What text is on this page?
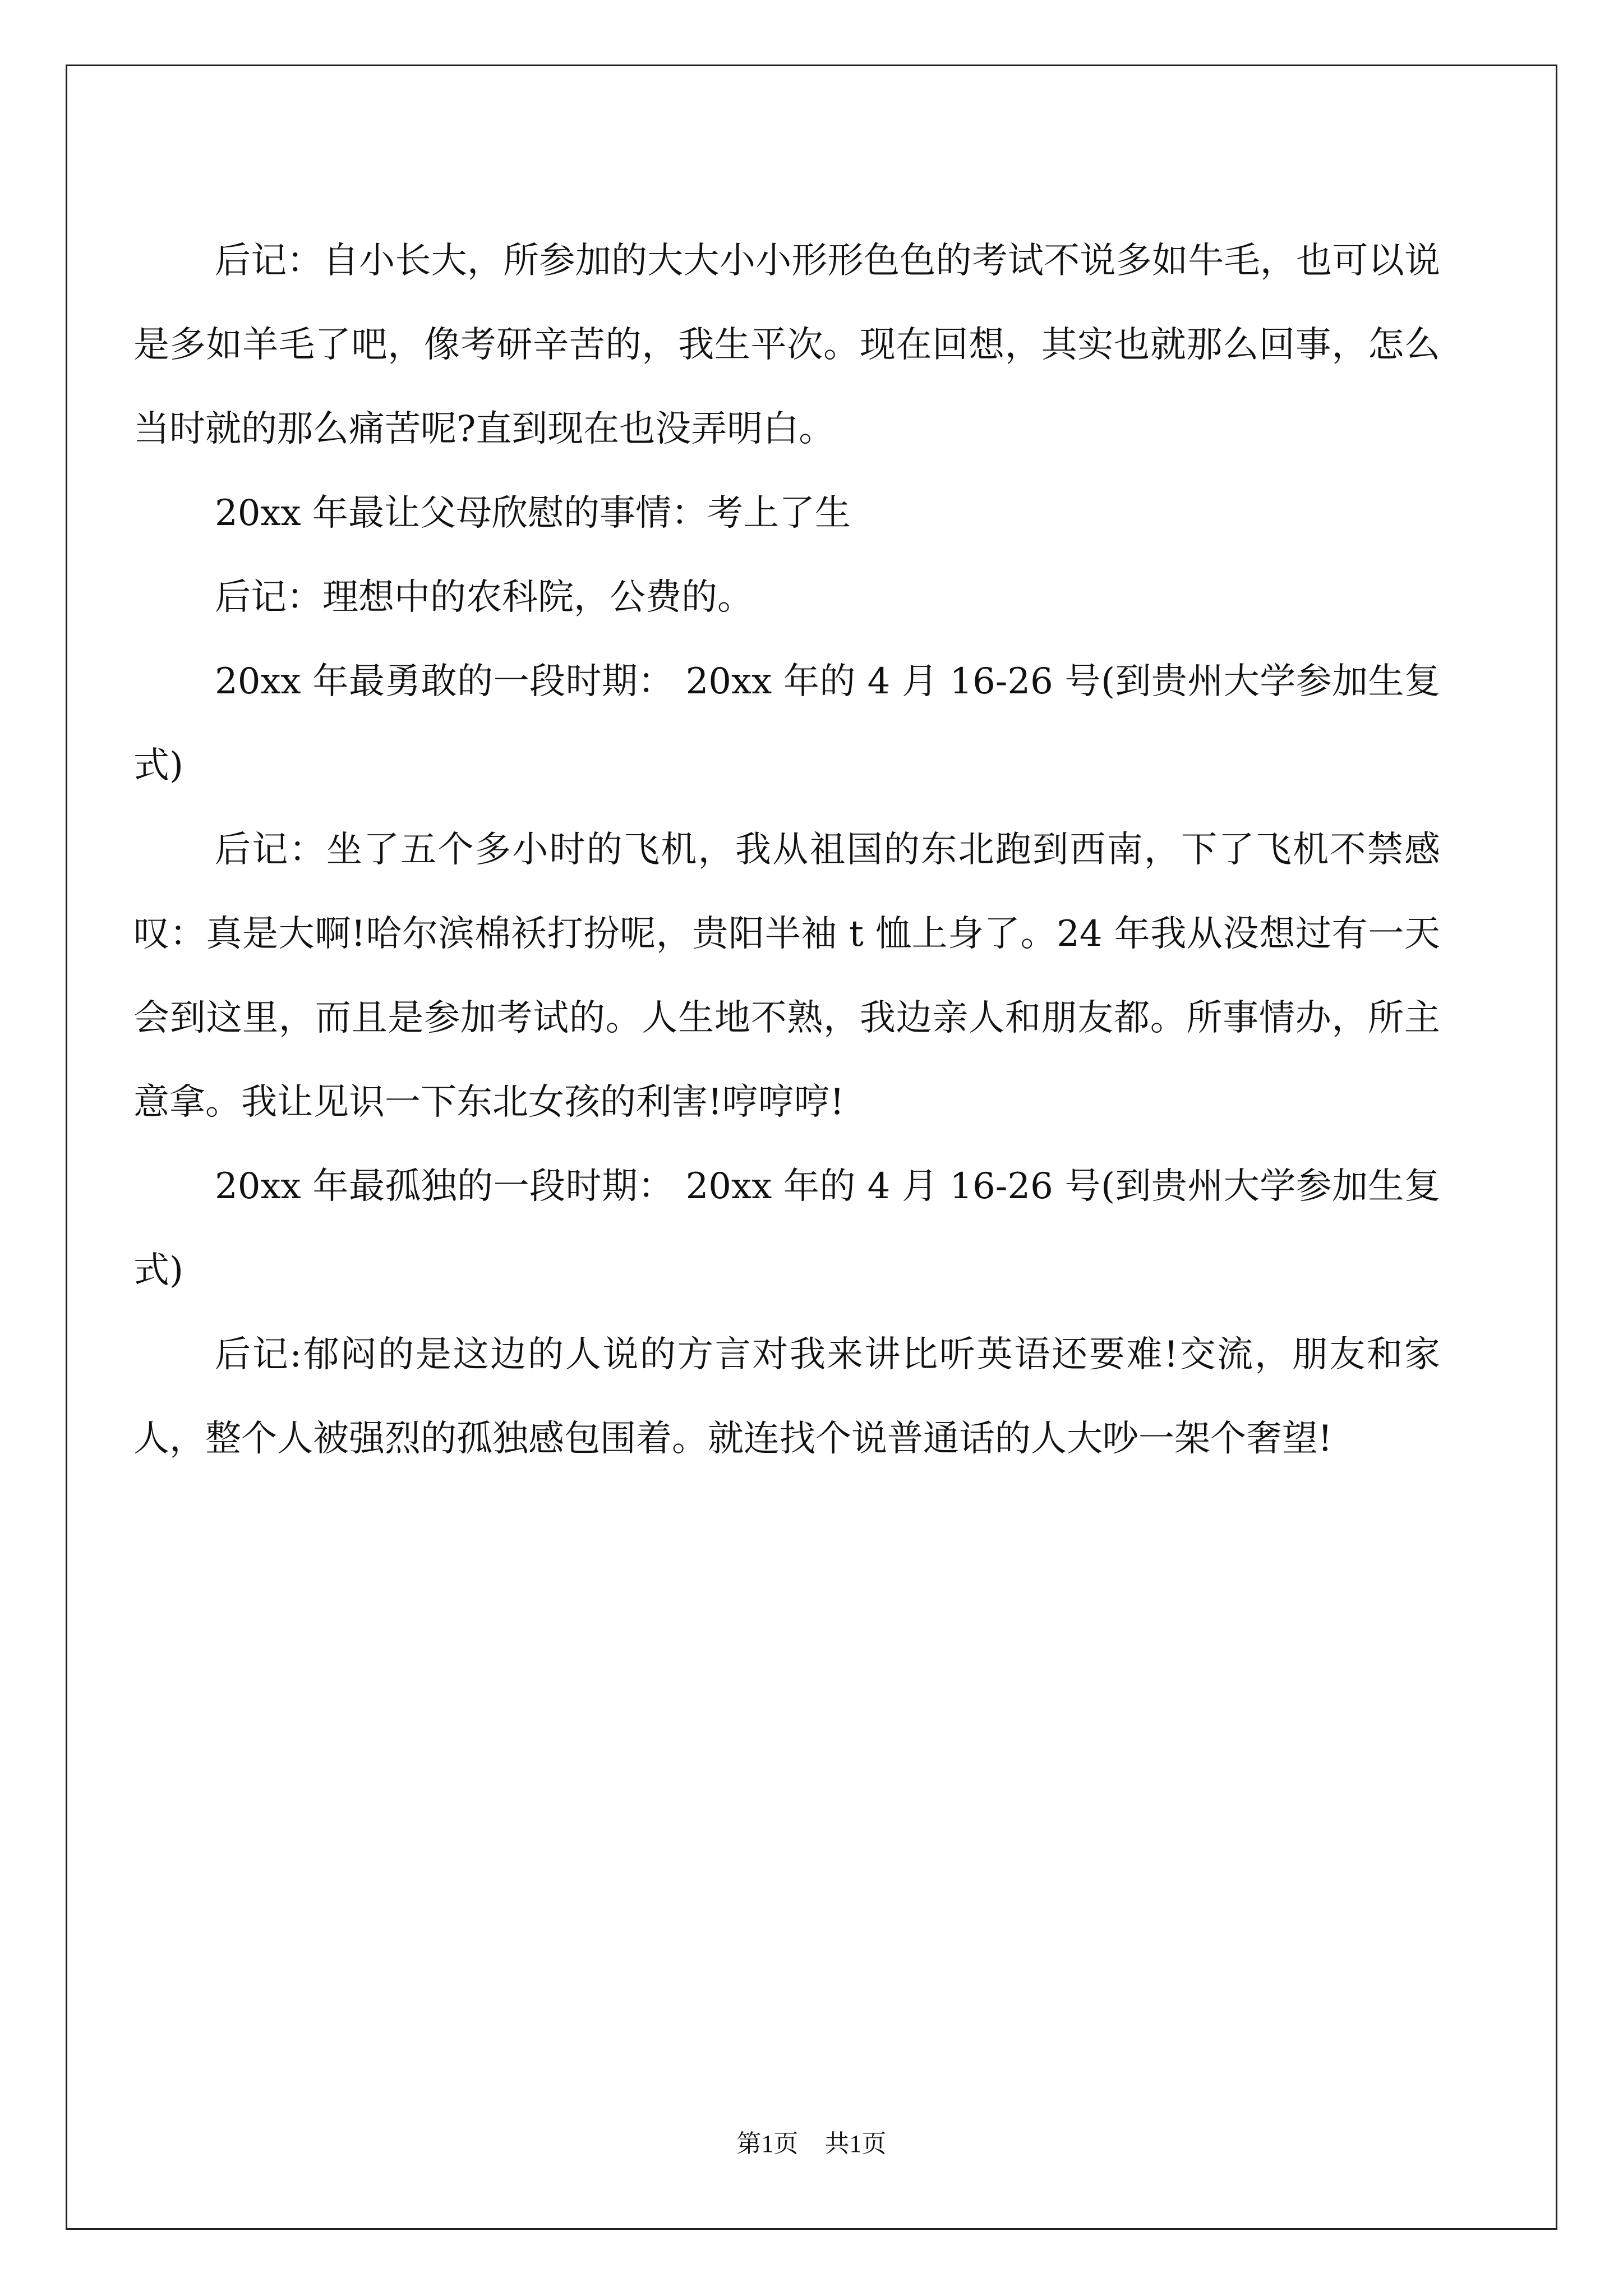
后记：自小长大，所参加的大大小小形形色色的考试不说多如牛毛，也可以说是多如羊毛了吧，像考研辛苦的，我生平次。现在回想，其实也就那么回事，怎么当时就的那么痛苦呢?直到现在也没弄明白。

20xx 年最让父母欣慰的事情：考上了生

后记：理想中的农科院，公费的。

20xx 年最勇敢的一段时期： 20xx 年的 4 月 16-26 号(到贵州大学参加生复式)

后记：坐了五个多小时的飞机，我从祖国的东北跑到西南，下了飞机不禁感叹：真是大啊!哈尔滨棉袄打扮呢，贵阳半袖 t 恤上身了。24 年我从没想过有一天会到这里，而且是参加考试的。人生地不熟，我边亲人和朋友都。所事情办，所主意拿。我让见识一下东北女孩的利害!哼哼哼!

20xx 年最孤独的一段时期： 20xx 年的 4 月 16-26 号(到贵州大学参加生复式)

后记:郁闷的是这边的人说的方言对我来讲比听英语还要难!交流，朋友和家人，整个人被强烈的孤独感包围着。就连找个说普通话的人大吵一架个奢望!

第1页 共1页
